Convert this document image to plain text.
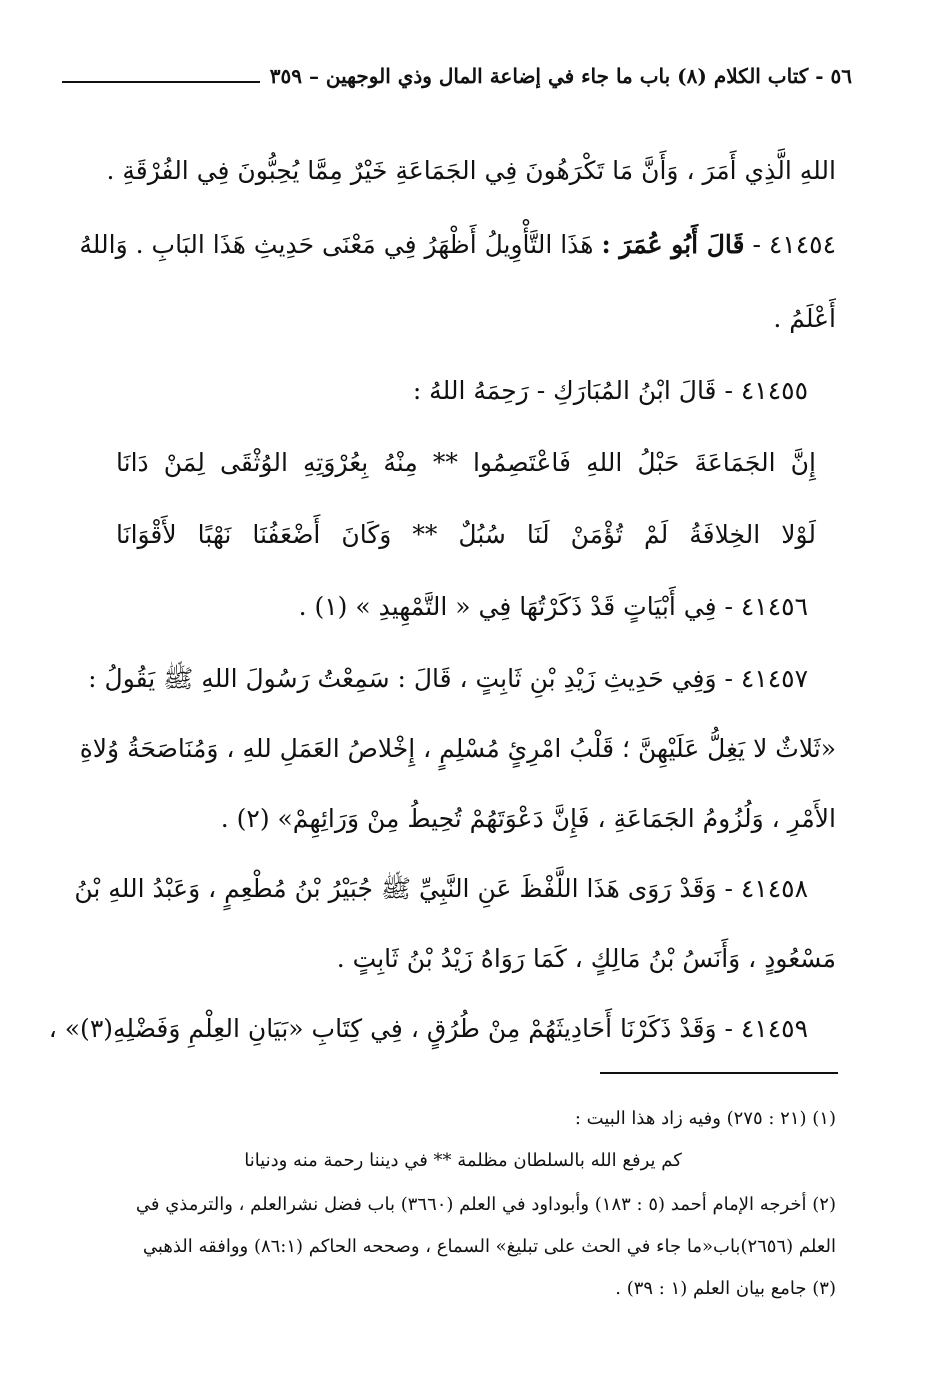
٥٦ - كتاب الكلام (٨) باب ما جاء في إضاعة المال وذي الوجهين – ٣٥٩
اللهِ الَّذِي أَمَرَ ، وَأَنَّ مَا تَكْرَهُونَ فِي الجَمَاعَةِ خَيْرٌ مِمَّا يُحِبُّونَ فِي الفُرْقَةِ .
٤١٤٥٤ - قَالَ أَبُو عُمَرَ : هَذَا التَّأْوِيلُ أَظْهَرُ فِي مَعْنَى حَدِيثِ هَذَا البَابِ . وَاللهُ
أَعْلَمُ .
٤١٤٥٥ - قَالَ ابْنُ المُبَارَكِ - رَحِمَهُ اللهُ :
إِنَّ الجَمَاعَةَ حَبْلُ اللهِ فَاعْتَصِمُوا ** مِنْهُ بِعُرْوَتِهِ الوُثْقَى لِمَنْ دَانَا
لَوْلا الخِلافَةُ لَمْ تُؤْمَنْ لَنَا سُبُلٌ ** وَكَانَ أَضْعَفُنَا نَهْبًا لأَقْوَانَا
٤١٤٥٦ - فِي أَبْيَاتٍ قَدْ ذَكَرْتُهَا فِي « التَّمْهِيدِ » (١) .
٤١٤٥٧ - وَفِي حَدِيثِ زَيْدِ بْنِ ثَابِتٍ ، قَالَ : سَمِعْتُ رَسُولَ اللهِ ﷺ يَقُولُ :
«ثَلاثٌ لا يَغِلُّ عَلَيْهِنَّ ؛ قَلْبُ امْرِئٍ مُسْلِمٍ ، إِخْلاصُ العَمَلِ للهِ ، وَمُنَاصَحَةُ وُلاةِ
الأَمْرِ ، وَلُزُومُ الجَمَاعَةِ ، فَإِنَّ دَعْوَتَهُمْ تُحِيطُ مِنْ وَرَائِهِمْ» (٢) .
٤١٤٥٨ - وَقَدْ رَوَى هَذَا اللَّفْظَ عَنِ النَّبِيِّ ﷺ جُبَيْرُ بْنُ مُطْعِمٍ ، وَعَبْدُ اللهِ بْنُ
مَسْعُودٍ ، وَأَنَسُ بْنُ مَالِكٍ ، كَمَا رَوَاهُ زَيْدُ بْنُ ثَابِتٍ .
٤١٤٥٩ - وَقَدْ ذَكَرْنَا أَحَادِيثَهُمْ مِنْ طُرُقٍ ، فِي كِتَابِ «بَيَانِ العِلْمِ وَفَضْلِهِ(٣)» ،
(١) (٢١ : ٢٧٥) وفيه زاد هذا البيت :
كم يرفع الله بالسلطان مظلمة ** في ديننا رحمة منه ودنيانا
(٢) أخرجه الإمام أحمد (٥ : ١٨٣) وأبوداود في العلم (٣٦٦٠) باب فضل نشرالعلم ، والترمذي في
العلم (٢٦٥٦)باب«ما جاء في الحث على تبليغ» السماع ، وصححه الحاكم (٨٦:١) ووافقه الذهبي
(٣) جامع بيان العلم (١ : ٣٩) .
